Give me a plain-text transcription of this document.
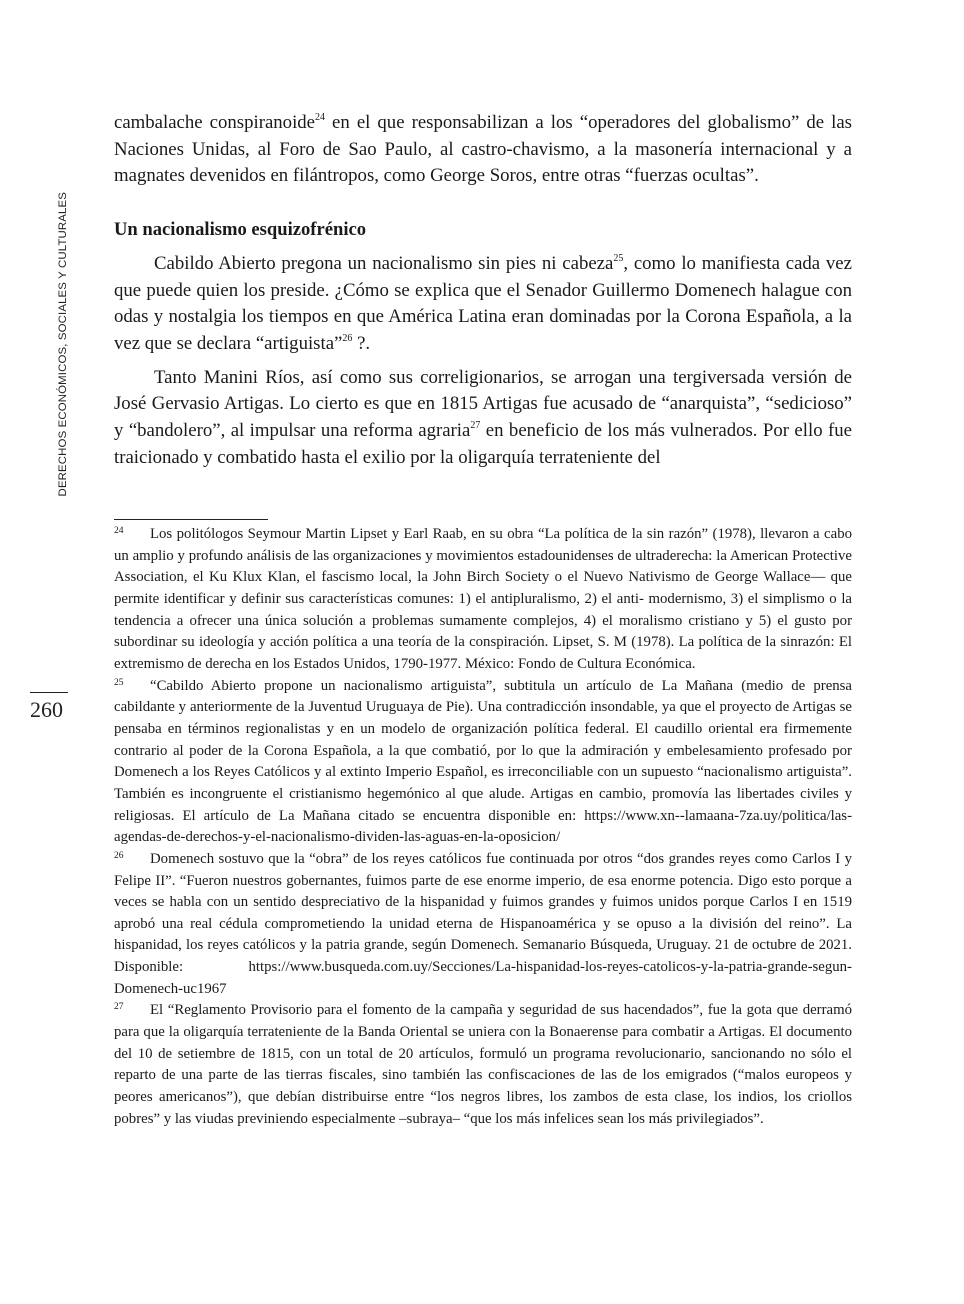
DERECHOS ECONÓMICOS, SOCIALES Y CULTURALES
260

cambalache conspiranoide$^{24}$ en el que responsabilizan a los “operadores del globalismo” de las Naciones Unidas, al Foro de Sao Paulo, al castro-chavismo, a la masonería internacional y a magnates devenidos en filántropos, como George Soros, entre otras “fuerzas ocultas”.

Un nacionalismo esquizofrénico

Cabildo Abierto pregona un nacionalismo sin pies ni cabeza$^{25}$, como lo manifiesta cada vez que puede quien los preside. ¿Cómo se explica que el Senador Guillermo Domenech halague con odas y nostalgia los tiempos en que América Latina eran dominadas por la Corona Española, a la vez que se declara “artiguista”$^{26}$ ?.

Tanto Manini Ríos, así como sus correligionarios, se arrogan una tergiversada versión de José Gervasio Artigas. Lo cierto es que en 1815 Artigas fue acusado de “anarquista”, “sedicioso” y “bandolero”, al impulsar una reforma agraria$^{27}$ en beneficio de los más vulnerados. Por ello fue traicionado y combatido hasta el exilio por la oligarquía terrateniente del

24 Los politólogos Seymour Martin Lipset y Earl Raab, en su obra “La política de la sin razón” (1978), llevaron a cabo un amplio y profundo análisis de las organizaciones y movimientos estadounidenses de ultraderecha: la American Protective Association, el Ku Klux Klan, el fascismo local, la John Birch Society o el Nuevo Nativismo de George Wallace— que permite identificar y definir sus características comunes: 1) el antipluralismo, 2) el anti- modernismo, 3) el simplismo o la tendencia a ofrecer una única solución a problemas sumamente complejos, 4) el moralismo cristiano y 5) el gusto por subordinar su ideología y acción política a una teoría de la conspiración. Lipset, S. M (1978). La política de la sinrazón: El extremismo de derecha en los Estados Unidos, 1790-1977. México: Fondo de Cultura Económica.

25 “Cabildo Abierto propone un nacionalismo artiguista”, subtitula un artículo de La Mañana (medio de prensa cabildante y anteriormente de la Juventud Uruguaya de Pie). Una contradicción insondable, ya que el proyecto de Artigas se pensaba en términos regionalistas y en un modelo de organización política federal. El caudillo oriental era firmemente contrario al poder de la Corona Española, a la que combatió, por lo que la admiración y embelesamiento profesado por Domenech a los Reyes Católicos y al extinto Imperio Español, es irreconciliable con un supuesto “nacionalismo artiguista”. También es incongruente el cristianismo hegemónico al que alude. Artigas en cambio, promovía las libertades civiles y religiosas. El artículo de La Mañana citado se encuentra disponible en: https://www.xn--lamaana-7za.uy/politica/las-agendas-de-derechos-y-el-nacionalismo-dividen-las-aguas-en-la-oposicion/

26 Domenech sostuvo que la “obra” de los reyes católicos fue continuada por otros “dos grandes reyes como Carlos I y Felipe II”. “Fueron nuestros gobernantes, fuimos parte de ese enorme imperio, de esa enorme potencia. Digo esto porque a veces se habla con un sentido despreciativo de la hispanidad y fuimos grandes y fuimos unidos porque Carlos I en 1519 aprobó una real cédula comprometiendo la unidad eterna de Hispanoamérica y se opuso a la división del reino”. La hispanidad, los reyes católicos y la patria grande, según Domenech. Semanario Búsqueda, Uruguay. 21 de octubre de 2021. Disponible: https://www.busqueda.com.uy/Secciones/La-hispanidad-los-reyes-catolicos-y-la-patria-grande-segun-Domenech-uc1967

27 El “Reglamento Provisorio para el fomento de la campaña y seguridad de sus hacendados”, fue la gota que derramó para que la oligarquía terrateniente de la Banda Oriental se uniera con la Bonaerense para combatir a Artigas. El documento del 10 de setiembre de 1815, con un total de 20 artículos, formuló un programa revolucionario, sancionando no sólo el reparto de una parte de las tierras fiscales, sino también las confiscaciones de las de los emigrados (“malos europeos y peores americanos”), que debían distribuirse entre “los negros libres, los zambos de esta clase, los indios, los criollos pobres” y las viudas previniendo especialmente –subraya– “que los más infelices sean los más privilegiados”.
